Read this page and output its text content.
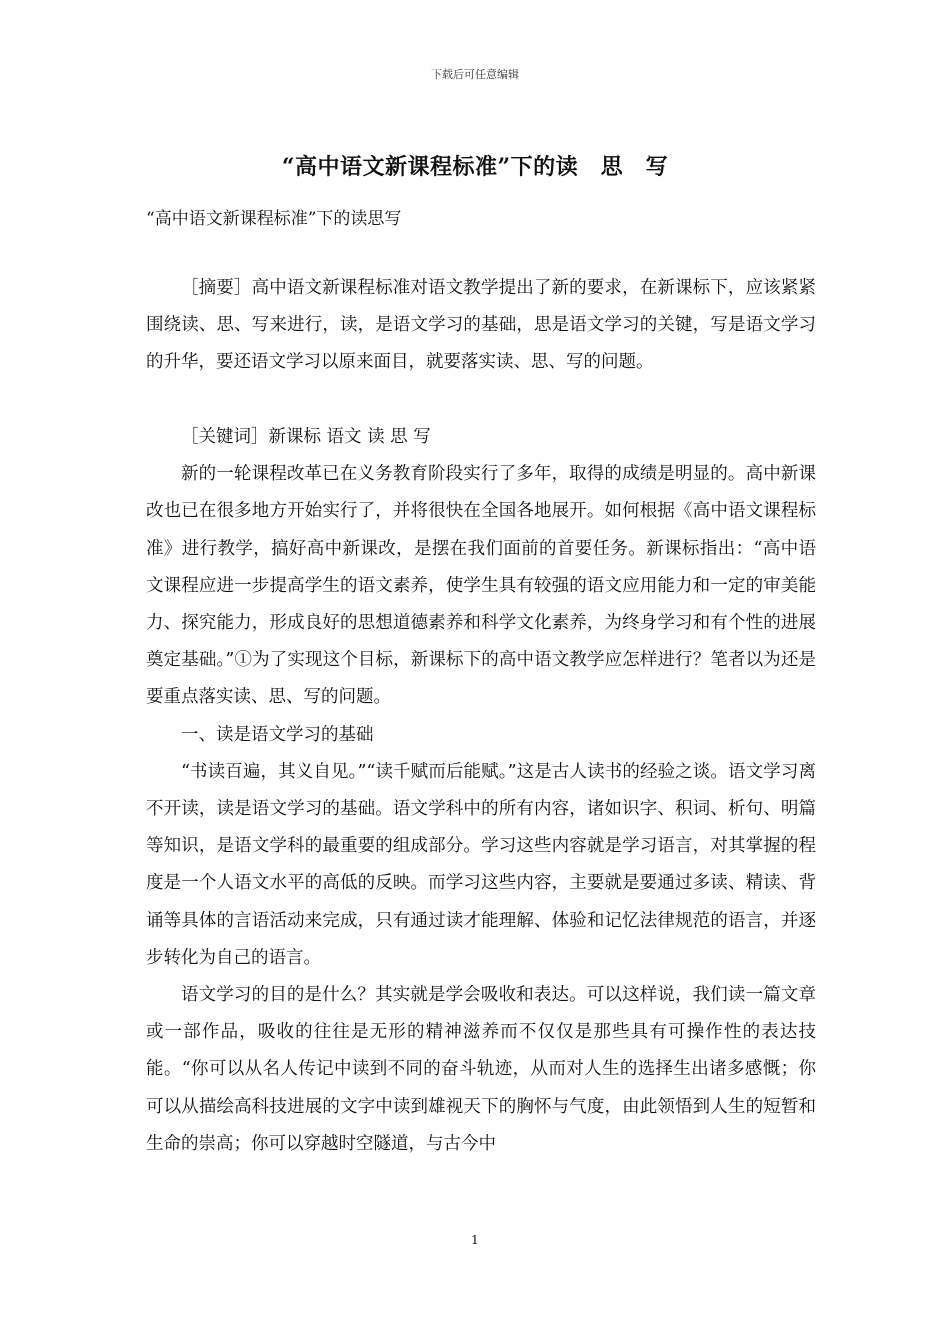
下载后可任意编辑
“高中语文新课程标准”下的读　思　写
“高中语文新课程标准”下的读思写

［摘要］高中语文新课程标准对语文教学提出了新的要求，在新课标下，应该紧紧围绕读、思、写来进行，读，是语文学习的基础，思是语文学习的关键，写是语文学习的升华，要还语文学习以原来面目，就要落实读、思、写的问题。

［关键词］新课标 语文 读 思 写

新的一轮课程改革已在义务教育阶段实行了多年，取得的成绩是明显的。高中新课改也已在很多地方开始实行了，并将很快在全国各地展开。如何根据《高中语文课程标准》进行教学，搞好高中新课改，是摆在我们面前的首要任务。新课标指出：“高中语文课程应进一步提高学生的语文素养，使学生具有较强的语文应用能力和一定的审美能力、探究能力，形成良好的思想道德素养和科学文化素养，为终身学习和有个性的进展奠定基础。”①为了实现这个目标，新课标下的高中语文教学应怎样进行？笔者以为还是要重点落实读、思、写的问题。

一、读是语文学习的基础

“书读百遍，其义自见。”“读千赋而后能赋。”这是古人读书的经验之谈。语文学习离不开读，读是语文学习的基础。语文学科中的所有内容，诸如识字、积词、析句、明篇等知识，是语文学科的最重要的组成部分。学习这些内容就是学习语言，对其掌握的程度是一个人语文水平的高低的反映。而学习这些内容，主要就是要通过多读、精读、背诵等具体的言语活动来完成，只有通过读才能理解、体验和记忆法律规范的语言，并逐步转化为自己的语言。

语文学习的目的是什么？其实就是学会吸收和表达。可以这样说，我们读一篇文章或一部作品，吸收的往往是无形的精神滋养而不仅仅是那些具有可操作性的表达技能。“你可以从名人传记中读到不同的奋斗轨迹，从而对人生的选择生出诸多感慨；你可以从描绘高科技进展的文字中读到雄视天下的胸怀与气度，由此领悟到人生的短暂和生命的崇高；你可以穿越时空隧道，与古今中

1
